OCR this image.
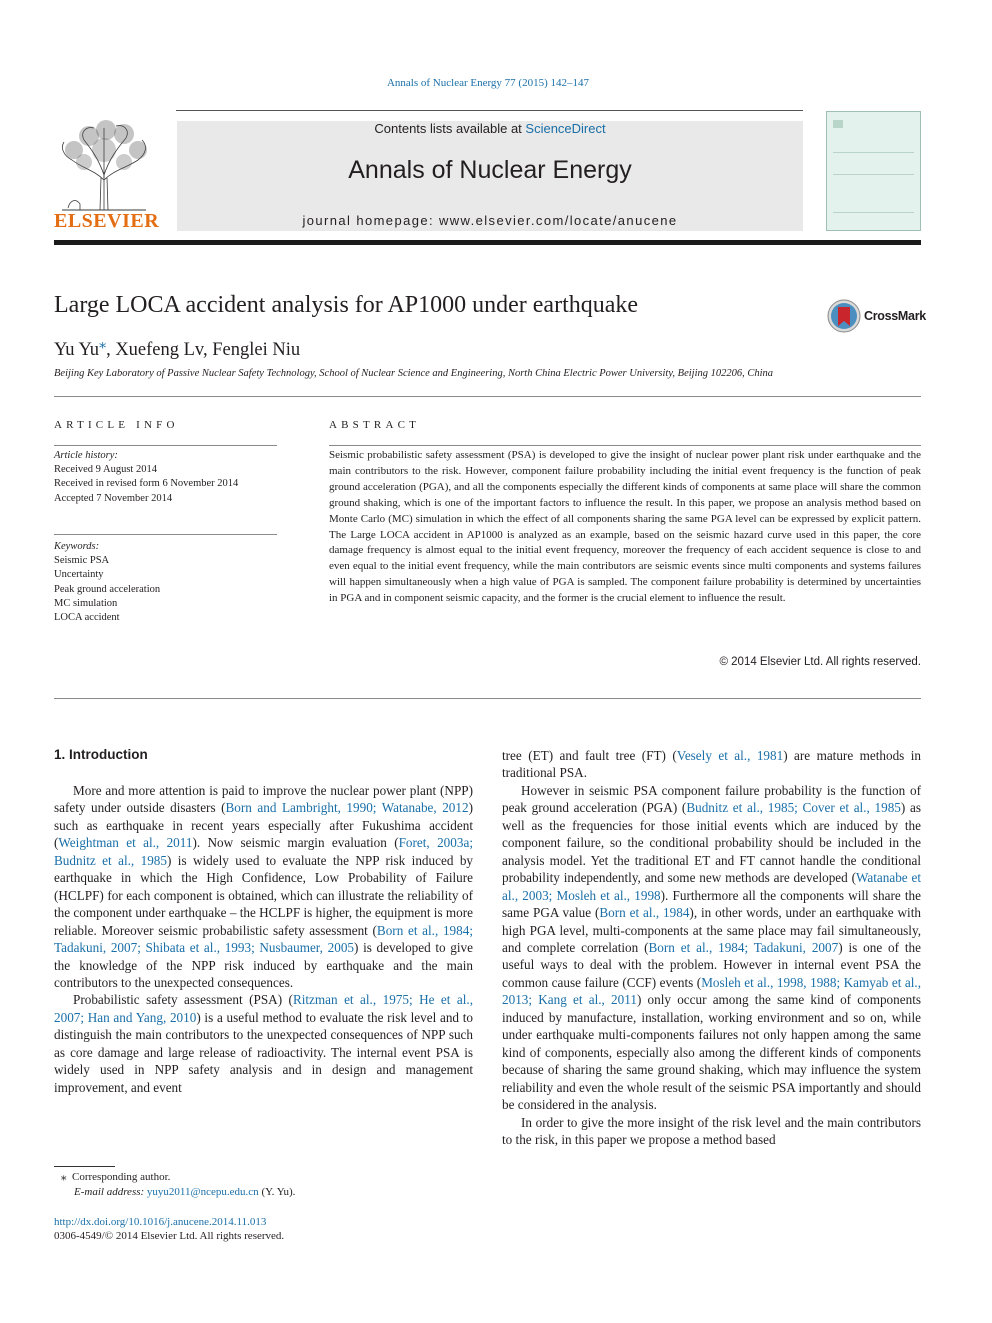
Annals of Nuclear Energy 77 (2015) 142–147
ELSEVIER
Contents lists available at ScienceDirect
Annals of Nuclear Energy
journal homepage: www.elsevier.com/locate/anucene
Large LOCA accident analysis for AP1000 under earthquake	CrossMark
Yu Yu⁎, Xuefeng Lv, Fenglei Niu
Beijing Key Laboratory of Passive Nuclear Safety Technology, School of Nuclear Science and Engineering, North China Electric Power University, Beijing 102206, China
ARTICLE INFO
Article history:
Received 9 August 2014
Received in revised form 6 November 2014
Accepted 7 November 2014
Keywords:
Seismic PSA
Uncertainty
Peak ground acceleration
MC simulation
LOCA accident
ABSTRACT
Seismic probabilistic safety assessment (PSA) is developed to give the insight of nuclear power plant risk under earthquake and the main contributors to the risk. However, component failure probability including the initial event frequency is the function of peak ground acceleration (PGA), and all the components especially the different kinds of components at same place will share the common ground shaking, which is one of the important factors to influence the result. In this paper, we propose an analysis method based on Monte Carlo (MC) simulation in which the effect of all components sharing the same PGA level can be expressed by explicit pattern. The Large LOCA accident in AP1000 is analyzed as an example, based on the seismic hazard curve used in this paper, the core damage frequency is almost equal to the initial event frequency, moreover the frequency of each accident sequence is close to and even equal to the initial event frequency, while the main contributors are seismic events since multi components and systems failures will happen simultaneously when a high value of PGA is sampled. The component failure probability is determined by uncertainties in PGA and in component seismic capacity, and the former is the crucial element to influence the result.
© 2014 Elsevier Ltd. All rights reserved.
1. Introduction

More and more attention is paid to improve the nuclear power plant (NPP) safety under outside disasters (Born and Lambright, 1990; Watanabe, 2012) such as earthquake in recent years especially after Fukushima accident (Weightman et al., 2011). Now seismic margin evaluation (Foret, 2003a; Budnitz et al., 1985) is widely used to evaluate the NPP risk induced by earthquake in which the High Confidence, Low Probability of Failure (HCLPF) for each component is obtained, which can illustrate the reliability of the component under earthquake – the HCLPF is higher, the equipment is more reliable. Moreover seismic probabilistic safety assessment (Born et al., 1984; Tadakuni, 2007; Shibata et al., 1993; Nusbaumer, 2005) is developed to give the knowledge of the NPP risk induced by earthquake and the main contributors to the unexpected consequences.

Probabilistic safety assessment (PSA) (Ritzman et al., 1975; He et al., 2007; Han and Yang, 2010) is a useful method to evaluate the risk level and to distinguish the main contributors to the unexpected consequences of NPP such as core damage and large release of radioactivity. The internal event PSA is widely used in NPP safety analysis and in design and management improvement, and event

tree (ET) and fault tree (FT) (Vesely et al., 1981) are mature methods in traditional PSA.

However in seismic PSA component failure probability is the function of peak ground acceleration (PGA) (Budnitz et al., 1985; Cover et al., 1985) as well as the frequencies for those initial events which are induced by the component failure, so the conditional probability should be included in the analysis model. Yet the traditional ET and FT cannot handle the conditional probability independently, and some new methods are developed (Watanabe et al., 2003; Mosleh et al., 1998). Furthermore all the components will share the same PGA value (Born et al., 1984), in other words, under an earthquake with high PGA level, multi-components at the same place may fail simultaneously, and complete correlation (Born et al., 1984; Tadakuni, 2007) is one of the useful ways to deal with the problem. However in internal event PSA the common cause failure (CCF) events (Mosleh et al., 1998, 1988; Kamyab et al., 2013; Kang et al., 2011) only occur among the same kind of components induced by manufacture, installation, working environment and so on, while under earthquake multi-components failures not only happen among the same kind of components, especially also among the different kinds of components because of sharing the same ground shaking, which may influence the system reliability and even the whole result of the seismic PSA importantly and should be considered in the analysis.

In order to give the more insight of the risk level and the main contributors to the risk, in this paper we propose a method based

⁎ Corresponding author.
E-mail address: yuyu2011@ncepu.edu.cn (Y. Yu).
http://dx.doi.org/10.1016/j.anucene.2014.11.013
0306-4549/© 2014 Elsevier Ltd. All rights reserved.
